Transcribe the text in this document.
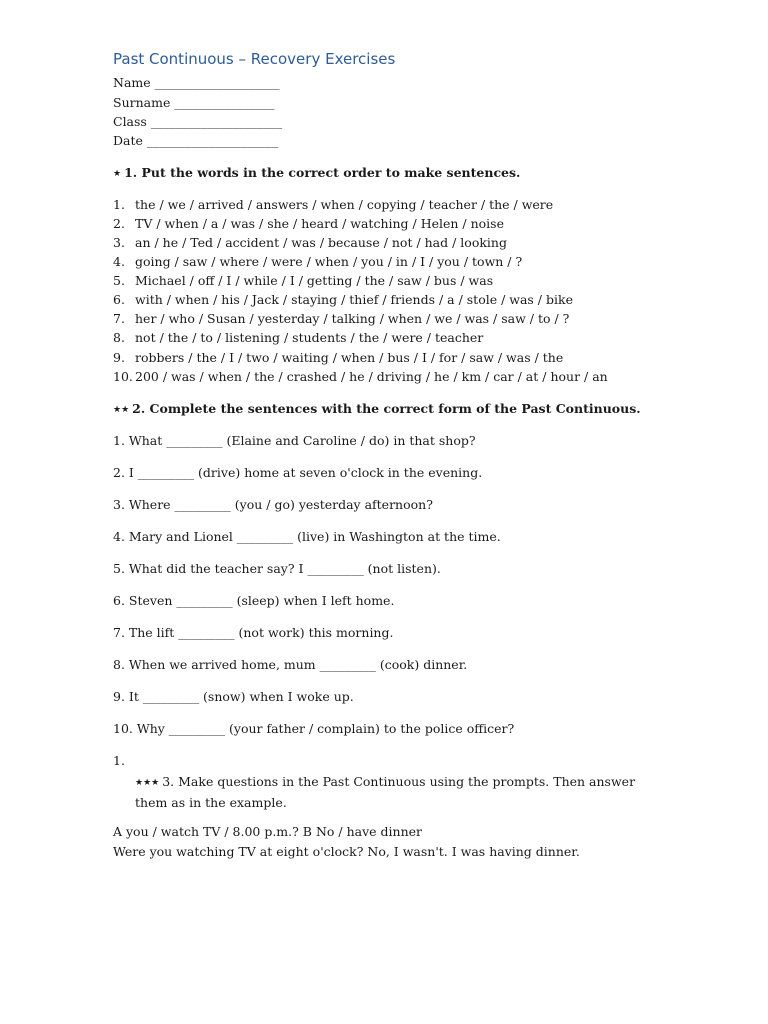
Past Continuous – Recovery Exercises
Name ____________________
Surname ________________
Class _____________________
Date _____________________
★ 1. Put the words in the correct order to make sentences.
1. the / we / arrived / answers / when / copying / teacher / the / were
2. TV / when / a / was / she / heard / watching / Helen / noise
3. an / he / Ted / accident / was / because / not / had / looking
4. going / saw / where / were / when / you / in / I / you / town / ?
5. Michael / off / I / while / I / getting / the / saw / bus / was
6. with / when / his / Jack / staying / thief / friends / a / stole / was / bike
7. her / who / Susan / yesterday / talking / when / we / was / saw / to / ?
8. not / the / to / listening / students / the / were / teacher
9. robbers / the / I / two / waiting / when / bus / I / for / saw / was / the
10. 200 / was / when / the / crashed / he / driving / he / km / car / at / hour / an
★★ 2. Complete the sentences with the correct form of the Past Continuous.
1. What _________ (Elaine and Caroline / do) in that shop?
2. I _________ (drive) home at seven o'clock in the evening.
3. Where _________ (you / go) yesterday afternoon?
4. Mary and Lionel _________ (live) in Washington at the time.
5. What did the teacher say? I _________ (not listen).
6. Steven _________ (sleep) when I left home.
7. The lift _________ (not work) this morning.
8. When we arrived home, mum _________ (cook) dinner.
9. It _________ (snow) when I woke up.
10. Why _________ (your father / complain) to the police officer?
1.
★★★ 3. Make questions in the Past Continuous using the prompts. Then answer them as in the example.
A you / watch TV / 8.00 p.m.? B No / have dinner
Were you watching TV at eight o'clock? No, I wasn't. I was having dinner.
